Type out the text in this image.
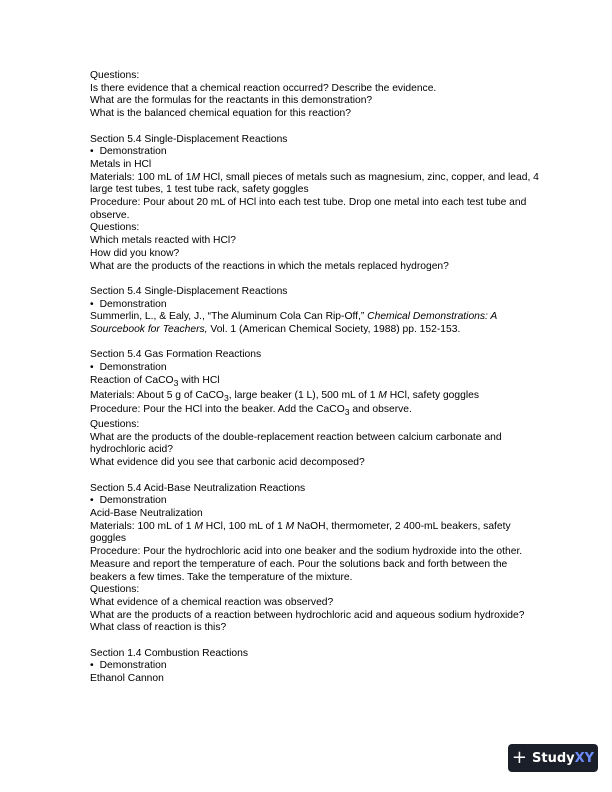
Questions:

Is there evidence that a chemical reaction occurred? Describe the evidence.

What are the formulas for the reactants in this demonstration?

What is the balanced chemical equation for this reaction?

Section 5.4 Single-Displacement Reactions

• Demonstration

Metals in HCl

Materials: 100 mL of 1M HCl, small pieces of metals such as magnesium, zinc, copper, and lead, 4 large test tubes, 1 test tube rack, safety goggles

Procedure: Pour about 20 mL of HCl into each test tube. Drop one metal into each test tube and observe.

Questions:

Which metals reacted with HCl?

How did you know?

What are the products of the reactions in which the metals replaced hydrogen?

Section 5.4 Single-Displacement Reactions

• Demonstration

Summerlin, L., & Ealy, J., “The Aluminum Cola Can Rip-Off,” Chemical Demonstrations: A Sourcebook for Teachers, Vol. 1 (American Chemical Society, 1988) pp. 152-153.

Section 5.4 Gas Formation Reactions

• Demonstration

Reaction of CaCO$_3$ with HCl

Materials: About 5 g of CaCO$_3$, large beaker (1 L), 500 mL of 1 M HCl, safety goggles

Procedure: Pour the HCl into the beaker. Add the CaCO$_3$ and observe.

Questions:

What are the products of the double-replacement reaction between calcium carbonate and hydrochloric acid?

What evidence did you see that carbonic acid decomposed?

Section 5.4 Acid-Base Neutralization Reactions

• Demonstration

Acid-Base Neutralization

Materials: 100 mL of 1 M HCl, 100 mL of 1 M NaOH, thermometer, 2 400-mL beakers, safety goggles

Procedure: Pour the hydrochloric acid into one beaker and the sodium hydroxide into the other. Measure and report the temperature of each. Pour the solutions back and forth between the beakers a few times. Take the temperature of the mixture.

Questions:

What evidence of a chemical reaction was observed?

What are the products of a reaction between hydrochloric acid and aqueous sodium hydroxide?

What class of reaction is this?

Section 1.4 Combustion Reactions

• Demonstration

Ethanol Cannon

+ StudyXY
